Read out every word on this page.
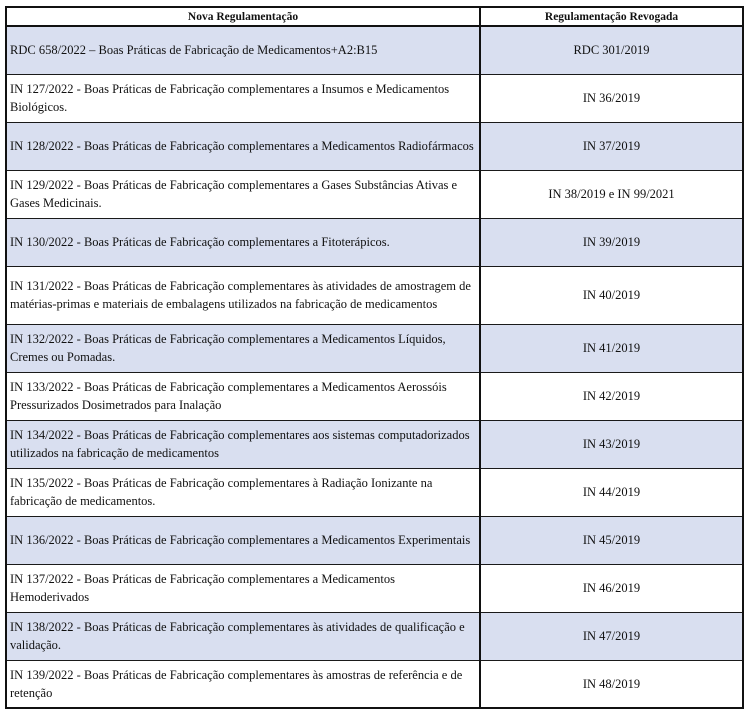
Nova Regulamentação	Regulamentação Revogada
RDC 658/2022 – Boas Práticas de Fabricação de Medicamentos+A2:B15	RDC 301/2019
IN 127/2022 - Boas Práticas de Fabricação complementares a Insumos e Medicamentos Biológicos.	IN 36/2019
IN 128/2022 - Boas Práticas de Fabricação complementares a Medicamentos Radiofármacos	IN 37/2019
IN 129/2022 - Boas Práticas de Fabricação complementares a Gases Substâncias Ativas e Gases Medicinais.	IN 38/2019 e IN 99/2021
IN 130/2022 - Boas Práticas de Fabricação complementares a Fitoterápicos.	IN 39/2019
IN 131/2022 - Boas Práticas de Fabricação complementares às atividades de amostragem de matérias-primas e materiais de embalagens utilizados na fabricação de medicamentos	IN 40/2019
IN 132/2022 - Boas Práticas de Fabricação complementares a Medicamentos Líquidos, Cremes ou Pomadas.	IN 41/2019
IN 133/2022 - Boas Práticas de Fabricação complementares a Medicamentos Aerossóis Pressurizados Dosimetrados para Inalação	IN 42/2019
IN 134/2022 - Boas Práticas de Fabricação complementares aos sistemas computadorizados utilizados na fabricação de medicamentos	IN 43/2019
IN 135/2022 - Boas Práticas de Fabricação complementares à Radiação Ionizante na fabricação de medicamentos.	IN 44/2019
IN 136/2022 - Boas Práticas de Fabricação complementares a Medicamentos Experimentais	IN 45/2019
IN 137/2022 - Boas Práticas de Fabricação complementares a Medicamentos Hemoderivados	IN 46/2019
IN 138/2022 - Boas Práticas de Fabricação complementares às atividades de qualificação e validação.	IN 47/2019
IN 139/2022 - Boas Práticas de Fabricação complementares às amostras de referência e de retenção	IN 48/2019
